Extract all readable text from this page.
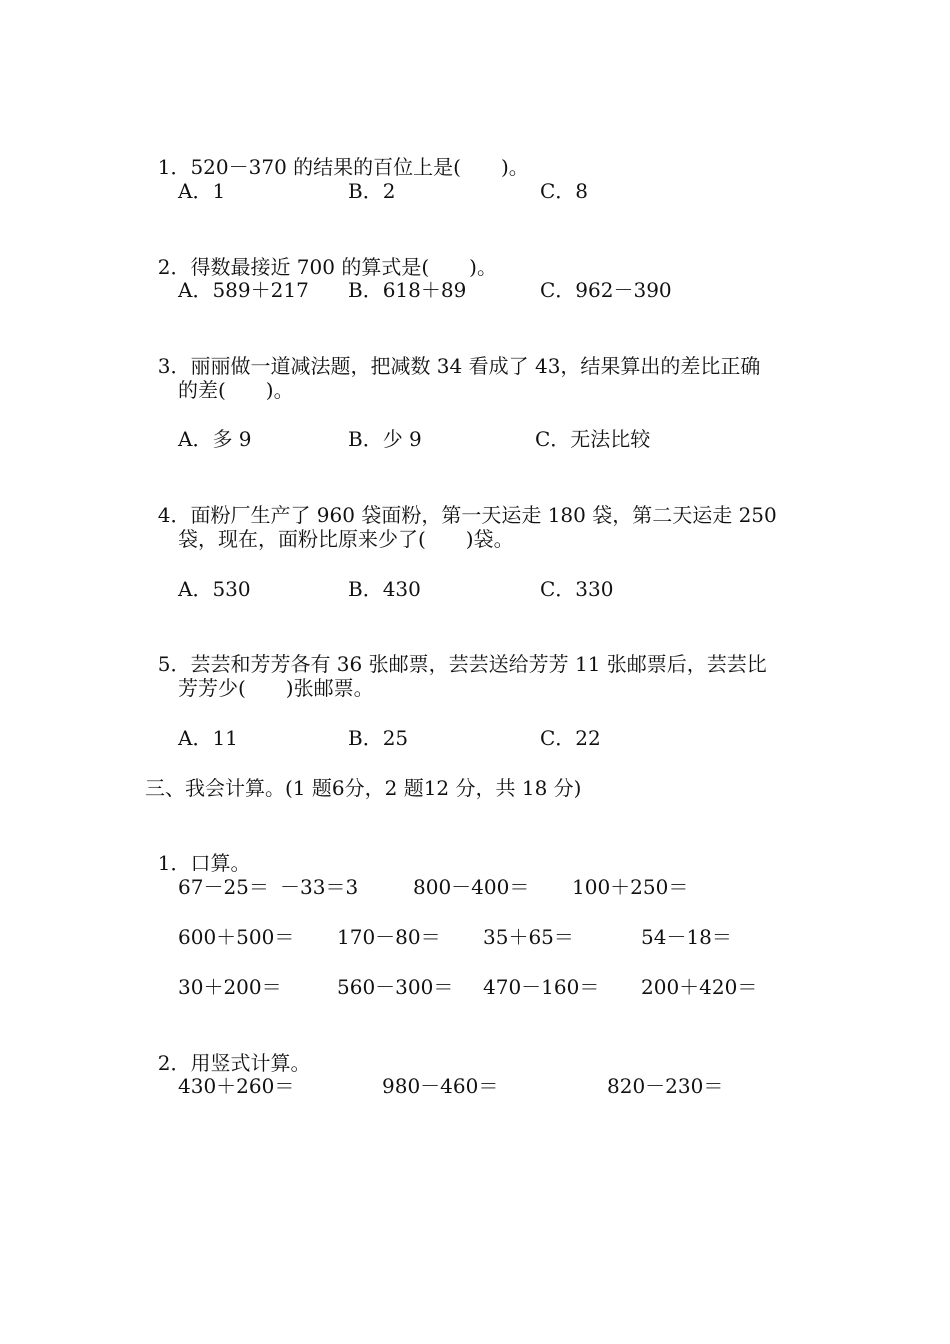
1．520－370 的结果的百位上是(　　)。

A．1	B．2	C．8

2．得数最接近 700 的算式是(　　)。

A．589＋217 B．618＋89	C．962－390

3．丽丽做一道减法题，把减数 34 看成了 43，结果算出的差比正确

的差(　　)。
A．多 9	B．少 9	C．无法比较

4．面粉厂生产了 960 袋面粉，第一天运走 180 袋，第二天运走 250

袋，现在，面粉比原来少了(　　)袋。
A．530	B．430	C．330

5．芸芸和芳芳各有 36 张邮票，芸芸送给芳芳 11 张邮票后，芸芸比

芳芳少(　　)张邮票。
A．11	B．25	C．22
三、我会计算。(1 题6分，2 题12 分，共 18 分)

1．口算。

67－25＝ －33＝3	800－400＝ 100＋250＝
600＋500＝ 170－80＝ 35＋65＝	54－18＝
30＋200＝	560－300＝ 470－160＝ 200＋420＝

2．用竖式计算。

430＋260＝	980－460＝	820－230＝
